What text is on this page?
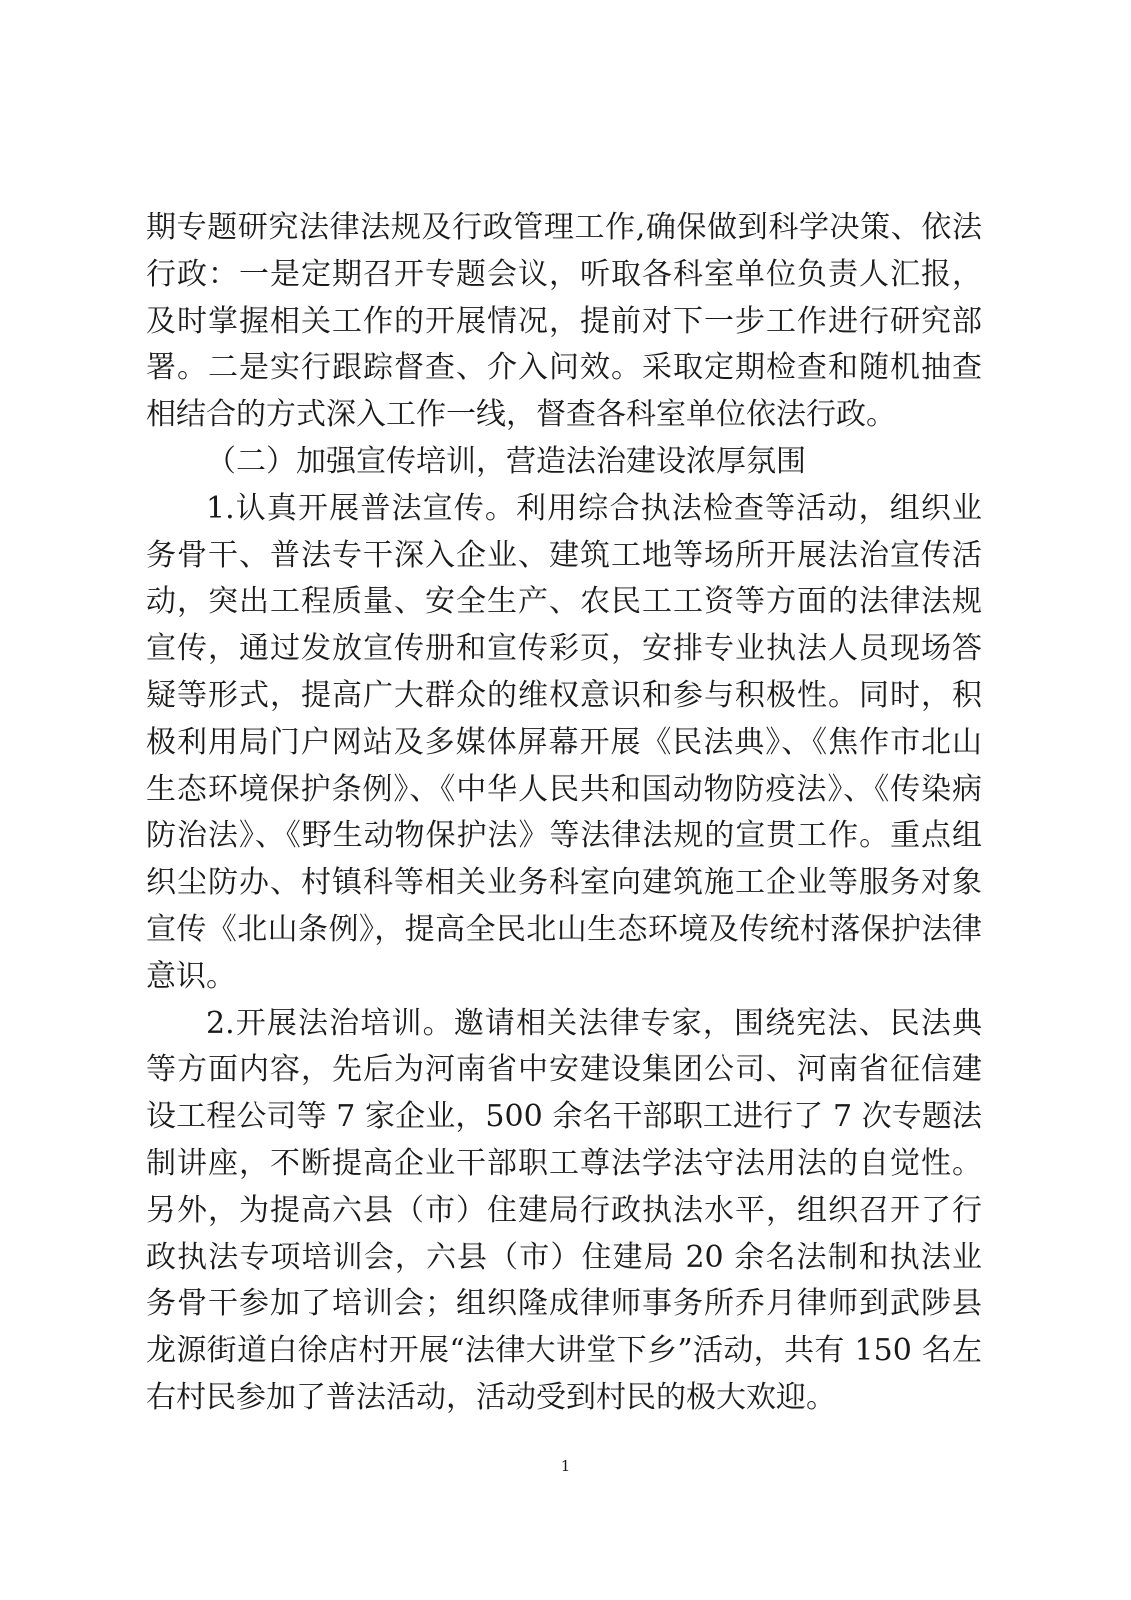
期专题研究法律法规及行政管理工作,确保做到科学决策、依法行政：一是定期召开专题会议，听取各科室单位负责人汇报，及时掌握相关工作的开展情况，提前对下一步工作进行研究部署。二是实行跟踪督查、介入问效。采取定期检查和随机抽查相结合的方式深入工作一线，督查各科室单位依法行政。

（二）加强宣传培训，营造法治建设浓厚氛围

1.认真开展普法宣传。利用综合执法检查等活动，组织业务骨干、普法专干深入企业、建筑工地等场所开展法治宣传活动，突出工程质量、安全生产、农民工工资等方面的法律法规宣传，通过发放宣传册和宣传彩页，安排专业执法人员现场答疑等形式，提高广大群众的维权意识和参与积极性。同时，积极利用局门户网站及多媒体屏幕开展《民法典》、《焦作市北山生态环境保护条例》、《中华人民共和国动物防疫法》、《传染病防治法》、《野生动物保护法》等法律法规的宣贯工作。重点组织尘防办、村镇科等相关业务科室向建筑施工企业等服务对象宣传《北山条例》，提高全民北山生态环境及传统村落保护法律意识。

2.开展法治培训。邀请相关法律专家，围绕宪法、民法典等方面内容，先后为河南省中安建设集团公司、河南省征信建设工程公司等 7 家企业，500 余名干部职工进行了 7 次专题法制讲座，不断提高企业干部职工尊法学法守法用法的自觉性。另外，为提高六县（市）住建局行政执法水平，组织召开了行政执法专项培训会，六县（市）住建局 20 余名法制和执法业务骨干参加了培训会；组织隆成律师事务所乔月律师到武陟县龙源街道白徐店村开展“法律大讲堂下乡”活动，共有 150 名左右村民参加了普法活动，活动受到村民的极大欢迎。

1
